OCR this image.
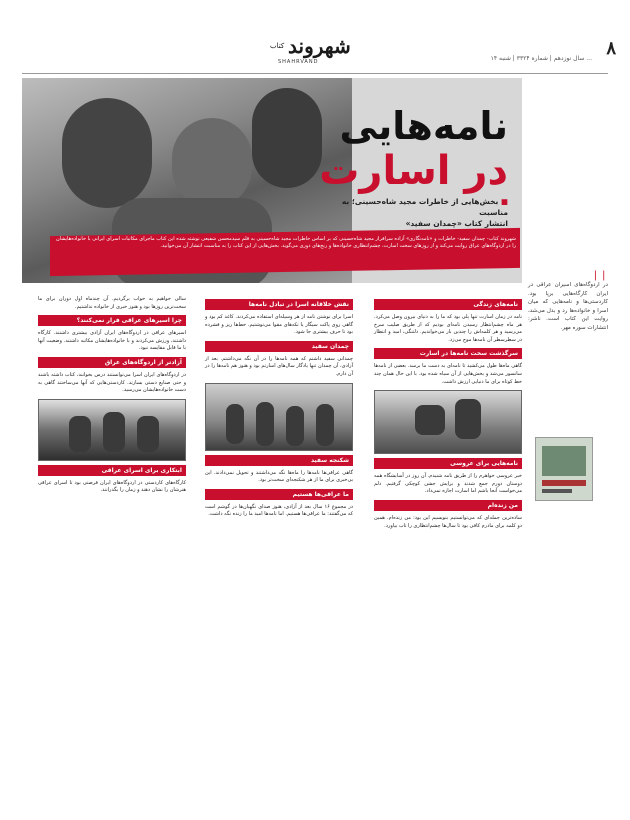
۸
سال نوزدهم | شماره ۳۳۲۴ | شنبه ۱۴ ...
کتاب شهروند
SHAHRVAND
❘❘
در اردوگاه‌های اسیران عراقی در ایران کارگاه‌هایی برپا بود. کاردستی‌ها و نامه‌هایی که میان اسرا و خانواده‌ها رد و بدل می‌شد، روایت این کتاب است. ناشر: انتشارات سوره مهر.
نامه‌هایی
در اسارت
■ بخش‌هایی از خاطرات مجید شاه‌حسینی؛ به مناسبت
انتشار کتاب «چمدان سفید»
شهروند کتاب- چمدان سفید- خاطرات و «نامه‌نگاری» آزاده سرافراز مجید شاه‌حسینی که بر اساس خاطرات مجید شاه‌حسینی به قلم سیدمحسن شفیعی نوشته شده این کتاب ماجرای مکاتبات اسرای ایرانی با خانواده‌هایشان را در اردوگاه‌های عراق روایت می‌کند و از روزهای سخت اسارت، چشم‌انتظاری خانواده‌ها و رنج‌های دوری می‌گوید. بخش‌هایی از این کتاب را به مناسبت انتشار آن می‌خوانید.
نامه‌های زندگی

نامه در زمان اسارت تنها پلی بود که ما را به دنیای بیرون وصل می‌کرد. هر ماه چشم‌انتظار رسیدن نامه‌ای بودیم که از طریق صلیب سرخ می‌رسید و هر کلمه‌اش را چندین بار می‌خواندیم. دلتنگی، امید و انتظار در سطرسطر آن نامه‌ها موج می‌زد.

سرگذشت سخت نامه‌ها در اسارت

گاهی ماه‌ها طول می‌کشید تا نامه‌ای به دست ما برسد. بعضی از نامه‌ها سانسور می‌شد و بخش‌هایی از آن سیاه شده بود. با این حال همان چند خط کوتاه برای ما دنیایی ارزش داشت.

نامه‌هایی برای عروسی

خبر عروسی خواهرم را از طریق نامه شنیدم. آن روز در آسایشگاه همه دوستان دورم جمع شدند و برایش جشن کوچکی گرفتیم. دلم می‌خواست آنجا باشم اما اسارت اجازه نمی‌داد.

من زنده‌ام

ساده‌ترین جمله‌ای که می‌توانستیم بنویسیم این بود: من زنده‌ام. همین دو کلمه برای مادرم کافی بود تا سال‌ها چشم‌انتظاری را تاب بیاورد.

نقش خلاقانه اسرا در تبادل نامه‌ها

اسرا برای نوشتن نامه از هر وسیله‌ای استفاده می‌کردند. کاغذ کم بود و گاهی روی پاکت سیگار یا تکه‌های مقوا می‌نوشتیم. خط‌ها ریز و فشرده بود تا حرف بیشتری جا شود.

چمدان سفید

چمدانی سفید داشتم که همه نامه‌ها را در آن نگه می‌داشتم. بعد از آزادی، آن چمدان تنها یادگار سال‌های اسارتم بود و هنوز هم نامه‌ها را در آن دارم.

شکنجه سفید

گاهی عراقی‌ها نامه‌ها را ماه‌ها نگه می‌داشتند و تحویل نمی‌دادند. این بی‌خبری برای ما از هر شکنجه‌ای سخت‌تر بود.

ما عراقی‌ها هستیم

در مجموع ۱۶ سال بعد از آزادی، هنوز صدای نگهبان‌ها در گوشم است که می‌گفتند: ما عراقی‌ها هستیم. اما نامه‌ها امید ما را زنده نگه داشت.

سالی خواهیم به خواب برگردیم. آن چندماه اول دوران برای ما سخت‌ترین روزها بود و هنوز خبری از خانواده نداشتیم.

چرا اسیرهای عراقی فرار نمی‌کنند؟

اسیرهای عراقی در اردوگاه‌های ایران آزادی بیشتری داشتند. کارگاه داشتند، ورزش می‌کردند و با خانواده‌هایشان مکاتبه داشتند. وضعیت آنها با ما قابل مقایسه نبود.

آزادتر از اردوگاه‌های عراق

در اردوگاه‌های ایران اسرا می‌توانستند درس بخوانند، کتاب داشته باشند و حتی صنایع دستی بسازند. کاردستی‌هایی که آنها می‌ساختند گاهی به دست خانواده‌هایشان می‌رسید.

ابتکاری برای اسرای عراقی

کارگاه‌های کاردستی در اردوگاه‌های ایران فرصتی بود تا اسرای عراقی هنرشان را نشان دهند و زمان را بگذرانند.
